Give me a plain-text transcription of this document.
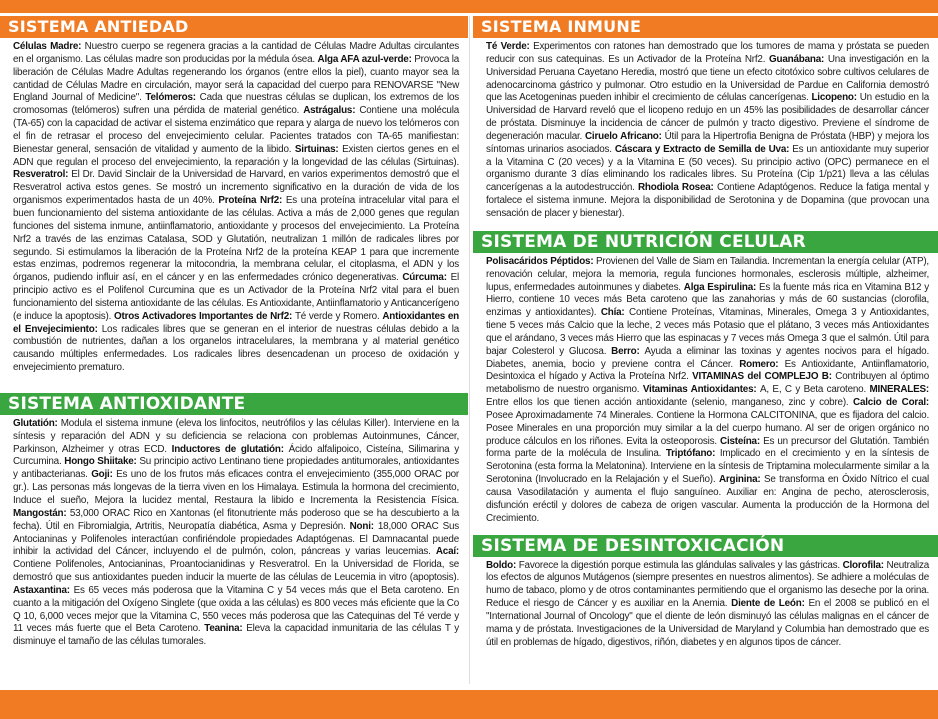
SISTEMA ANTIEDAD

Células Madre: Nuestro cuerpo se regenera gracias a la cantidad de Células Madre Adultas circulantes en el organismo. Las células madre son producidas por la médula ósea. Alga AFA azul-verde: Provoca la liberación de Células Madre Adultas regenerando los órganos (entre ellos la piel), cuanto mayor sea la cantidad de Células Madre en circulación, mayor será la capacidad del cuerpo para RENOVARSE "New England Journal of Medicine". Telómeros: Cada que nuestras células se duplican, los extremos de los cromosomas (telómeros) sufren una pérdida de material genético. Astrágalus: Contiene una molécula (TA-65) con la capacidad de activar el sistema enzimático que repara y alarga de nuevo los telómeros con el fin de retrasar el proceso del envejecimiento celular. Pacientes tratados con TA-65 manifiestan: Bienestar general, sensación de vitalidad y aumento de la libido. Sirtuinas: Existen ciertos genes en el ADN que regulan el proceso del envejecimiento, la reparación y la longevidad de las células (Sirtuinas). Resveratrol: El Dr. David Sinclair de la Universidad de Harvard, en varios experimentos demostró que el Resveratrol activa estos genes. Se mostró un incremento significativo en la duración de vida de los organismos experimentados hasta de un 40%. Proteína Nrf2: Es una proteína intracelular vital para el buen funcionamiento del sistema antioxidante de las células. Activa a más de 2,000 genes que regulan funciones del sistema inmune, antiinflamatorio, antioxidante y procesos del envejecimiento. La Proteína Nrf2 a través de las enzimas Catalasa, SOD y Glutatión, neutralizan 1 millón de radicales libres por segundo. Si estimulamos la liberación de la Proteína Nrf2 de la proteína KEAP 1 para que incremente estas enzimas, podremos regenerar la mitocondria, la membrana celular, el citoplasma, el ADN y los órganos, pudiendo influir así, en el cáncer y en las enfermedades crónico degenerativas. Cúrcuma: El principio activo es el Polifenol Curcumina que es un Activador de la Proteína Nrf2 vital para el buen funcionamiento del sistema antioxidante de las células. Es Antioxidante, Antiinflamatorio y Anticancerígeno (e induce la apoptosis). Otros Activadores Importantes de Nrf2: Té verde y Romero. Antioxidantes en el Envejecimiento: Los radicales libres que se generan en el interior de nuestras células debido a la combustión de nutrientes, dañan a los organelos intracelulares, la membrana y al material genético causando múltiples enfermedades. Los radicales libres desencadenan un proceso de oxidación y envejecimiento prematuro.

SISTEMA ANTIOXIDANTE

Glutatión: Modula el sistema inmune (eleva los linfocitos, neutrófilos y las células Killer). Interviene en la síntesis y reparación del ADN y su deficiencia se relaciona con problemas Autoinmunes, Cáncer, Parkinson, Alzheimer y otras ECD. Inductores de glutatión: Ácido alfalipoico, Cisteína, Silimarina y Curcumina. Hongo Shiitake: Su principio activo Lentinano tiene propiedades antitumorales, antioxidantes y antibacterianas. Goji: Es uno de los frutos más eficaces contra el envejecimiento (355,000 ORAC por gr.). Las personas más longevas de la tierra viven en los Himalaya. Estimula la hormona del crecimiento, Induce el sueño, Mejora la lucidez mental, Restaura la libido e Incrementa la Resistencia Física. Mangostán: 53,000 ORAC Rico en Xantonas (el fitonutriente más poderoso que se ha descubierto a la fecha). Útil en Fibromialgia, Artritis, Neuropatía diabética, Asma y Depresión. Noni: 18,000 ORAC Sus Antocianinas y Polifenoles interactúan confiriéndole propiedades Adaptógenas. El Damnacantal puede inhibir la actividad del Cáncer, incluyendo el de pulmón, colon, páncreas y varias leucemias. Acaí: Contiene Polifenoles, Antocianinas, Proantocianidinas y Resveratrol. En la Universidad de Florida, se demostró que sus antioxidantes pueden inducir la muerte de las células de Leucemia in vitro (apoptosis). Astaxantina: Es 65 veces más poderosa que la Vitamina C y 54 veces más que el Beta caroteno. En cuanto a la mitigación del Oxígeno Singlete (que oxida a las células) es 800 veces más eficiente que la Co Q 10, 6,000 veces mejor que la Vitamina C, 550 veces más poderosa que las Catequinas del Té verde y 11 veces más fuerte que el Beta Caroteno. Teanina: Eleva la capacidad inmunitaria de las células T y disminuye el tamaño de las células tumorales.

SISTEMA INMUNE

Té Verde: Experimentos con ratones han demostrado que los tumores de mama y próstata se pueden reducir con sus catequinas. Es un Activador de la Proteína Nrf2. Guanábana: Una investigación en la Universidad Peruana Cayetano Heredia, mostró que tiene un efecto citotóxico sobre cultivos celulares de adenocarcinoma gástrico y pulmonar. Otro estudio en la Universidad de Pardue en California demostró que las Acetogeninas pueden inhibir el crecimiento de células cancerígenas. Licopeno: Un estudio en la Universidad de Harvard reveló que el licopeno redujo en un 45% las posibilidades de desarrollar cáncer de próstata. Disminuye la incidencia de cáncer de pulmón y tracto digestivo. Previene el síndrome de degeneración macular. Ciruelo Africano: Útil para la Hipertrofia Benigna de Próstata (HBP) y mejora los síntomas urinarios asociados. Cáscara y Extracto de Semilla de Uva: Es un antioxidante muy superior a la Vitamina C (20 veces) y a la Vitamina E (50 veces). Su principio activo (OPC) permanece en el organismo durante 3 días eliminando los radicales libres. Su Proteína (Cip 1/p21) lleva a las células cancerígenas a la autodestrucción. Rhodiola Rosea: Contiene Adaptógenos. Reduce la fatiga mental y fortalece el sistema inmune. Mejora la disponibilidad de Serotonina y de Dopamina (que provocan una sensación de placer y bienestar).

SISTEMA DE NUTRICIÓN CELULAR

Polisacáridos Péptidos: Provienen del Valle de Siam en Tailandia. Incrementan la energía celular (ATP), renovación celular, mejora la memoria, regula funciones hormonales, esclerosis múltiple, alzheimer, lupus, enfermedades autoinmunes y diabetes. Alga Espirulina: Es la fuente más rica en Vitamina B12 y Hierro, contiene 10 veces más Beta caroteno que las zanahorias y más de 60 sustancias (clorofila, enzimas y antioxidantes). Chía: Contiene Proteínas, Vitaminas, Minerales, Omega 3 y Antioxidantes, tiene 5 veces más Calcio que la leche, 2 veces más Potasio que el plátano, 3 veces más Antioxidantes que el arándano, 3 veces más Hierro que las espinacas y 7 veces más Omega 3 que el salmón. Útil para bajar Colesterol y Glucosa. Berro: Ayuda a eliminar las toxinas y agentes nocivos para el hígado. Diabetes, anemia, bocio y previene contra el Cáncer. Romero: Es Antioxidante, Antiinflamatorio, Desintoxica el hígado y Activa la Proteína Nrf2. VITAMINAS del COMPLEJO B: Contribuyen al óptimo metabolismo de nuestro organismo. Vitaminas Antioxidantes: A, E, C y Beta caroteno. MINERALES: Entre ellos los que tienen acción antioxidante (selenio, manganeso, zinc y cobre). Calcio de Coral: Posee Aproximadamente 74 Minerales. Contiene la Hormona CALCITONINA, que es fijadora del calcio. Posee Minerales en una proporción muy similar a la del cuerpo humano. Al ser de origen orgánico no produce cálculos en los riñones. Evita la osteoporosis. Cisteína: Es un precursor del Glutatión. También forma parte de la molécula de Insulina. Triptófano: Implicado en el crecimiento y en la síntesis de Serotonina (esta forma la Melatonina). Interviene en la síntesis de Triptamina molecularmente similar a la Serotonina (Involucrado en la Relajación y el Sueño). Arginina: Se transforma en Óxido Nítrico el cual causa Vasodilatación y aumenta el flujo sanguíneo. Auxiliar en: Angina de pecho, aterosclerosis, disfunción eréctil y dolores de cabeza de origen vascular. Aumenta la producción de la Hormona del Crecimiento.

SISTEMA DE DESINTOXICACIÓN

Boldo: Favorece la digestión porque estimula las glándulas salivales y las gástricas. Clorofila: Neutraliza los efectos de algunos Mutágenos (siempre presentes en nuestros alimentos). Se adhiere a moléculas de humo de tabaco, plomo y de otros contaminantes permitiendo que el organismo las deseche por la orina. Reduce el riesgo de Cáncer y es auxiliar en la Anemia. Diente de León: En el 2008 se publicó en el "International Journal of Oncology" que el diente de león disminuyó las células malignas en el cáncer de mama y de próstata. Investigaciones de la Universidad de Maryland y Columbia han demostrado que es útil en problemas de hígado, digestivos, riñón, diabetes y en algunos tipos de cáncer.
